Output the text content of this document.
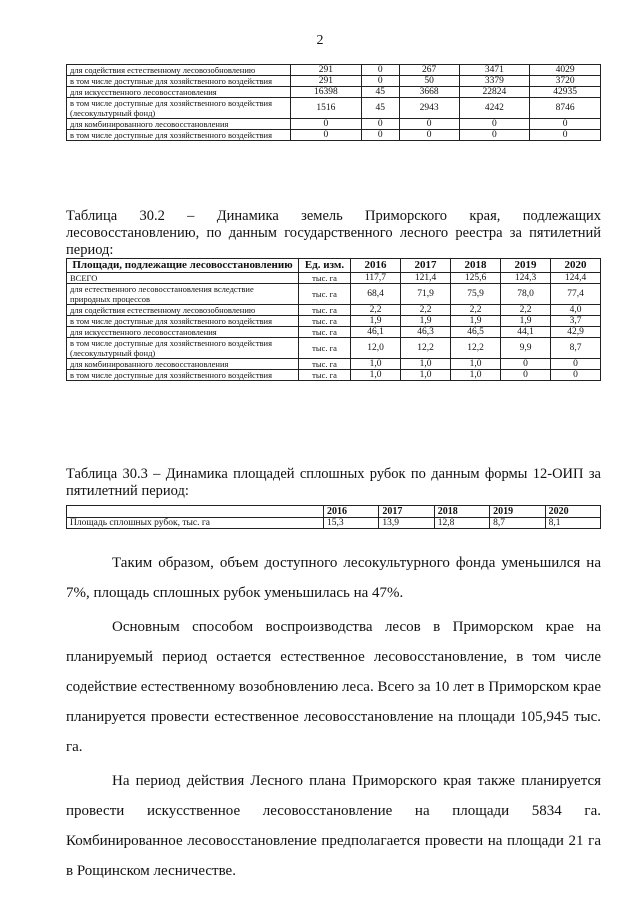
2
для содействия естественному лесовозобновлению	291	0	267	3471	4029
в том числе доступные для хозяйственного воздействия	291	0	50	3379	3720
для искусственного лесовосстановления	16398	45	3668	22824	42935
в том числе доступные для хозяйственного воздействия (лесокультурный фонд)	1516	45	2943	4242	8746
для комбинированного лесовосстановления	0	0	0	0	0
в том числе доступные для хозяйственного воздействия	0	0	0	0	0
Таблица 30.2 – Динамика земель Приморского края, подлежащих лесовосстановлению, по данным государственного лесного реестра за пятилетний период:
Площади, подлежащие лесовосстановлению	Ед. изм.	2016	2017	2018	2019	2020
ВСЕГО	тыс. га	117,7	121,4	125,6	124,3	124,4
для естественного лесовосстановления вследствие природных процессов	тыс. га	68,4	71,9	75,9	78,0	77,4
для содействия естественному лесовозобновлению	тыс. га	2,2	2,2	2,2	2,2	4,0
в том числе доступные для хозяйственного воздействия	тыс. га	1,9	1,9	1,9	1,9	3,7
для искусственного лесовосстановления	тыс. га	46,1	46,3	46,5	44,1	42,9
в том числе доступные для хозяйственного воздействия (лесокультурный фонд)	тыс. га	12,0	12,2	12,2	9,9	8,7
для комбинированного лесовосстановления	тыс. га	1,0	1,0	1,0	0	0
в том числе доступные для хозяйственного воздействия	тыс. га	1,0	1,0	1,0	0	0
Таблица 30.3 – Динамика площадей сплошных рубок по данным формы 12-ОИП за пятилетний период:
	2016	2017	2018	2019	2020
Площадь сплошных рубок, тыс. га	15,3	13,9	12,8	8,7	8,1

Таким образом, объем доступного лесокультурного фонда уменьшился на 7%, площадь сплошных рубок уменьшилась на 47%.

Основным способом воспроизводства лесов в Приморском крае на планируемый период остается естественное лесовосстановление, в том числе содействие естественному возобновлению леса. Всего за 10 лет в Приморском крае планируется провести естественное лесовосстановление на площади 105,945 тыс. га.

На период действия Лесного плана Приморского края также планируется провести искусственное лесовосстановление на площади 5834 га. Комбинированное лесовосстановление предполагается провести на площади 21 га в Рощинском лесничестве.
